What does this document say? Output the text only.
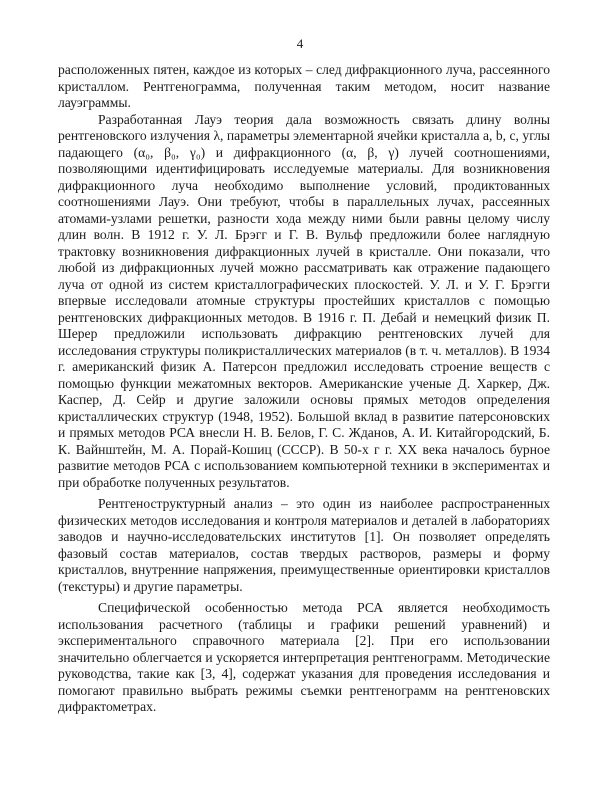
4

расположенных пятен, каждое из которых – след дифракционного луча, рассеянного кристаллом. Рентгенограмма, полученная таким методом, носит название лауэграммы.

Разработанная Лауэ теория дала возможность связать длину волны рентгеновского излучения λ, параметры элементарной ячейки кристалла a, b, c, углы падающего (α₀, β₀, γ₀) и дифракционного (α, β, γ) лучей соотношениями, позволяющими идентифицировать исследуемые материалы. Для возникновения дифракционного луча необходимо выполнение условий, продиктованных соотношениями Лауэ. Они требуют, чтобы в параллельных лучах, рассеянных атомами-узлами решетки, разности хода между ними были равны целому числу длин волн. В 1912 г. У. Л. Брэгг и Г. В. Вульф предложили более наглядную трактовку возникновения дифракционных лучей в кристалле. Они показали, что любой из дифракционных лучей можно рассматривать как отражение падающего луча от одной из систем кристаллографических плоскостей. У. Л. и У. Г. Брэгги впервые исследовали атомные структуры простейших кристаллов с помощью рентгеновских дифракционных методов. В 1916 г. П. Дебай и немецкий физик П. Шерер предложили использовать дифракцию рентгеновских лучей для исследования структуры поликристаллических материалов (в т. ч. металлов). В 1934 г. американский физик А. Патерсон предложил исследовать строение веществ с помощью функции межатомных векторов. Американские ученые Д. Харкер, Дж. Каспер, Д. Сейр и другие заложили основы прямых методов определения кристаллических структур (1948, 1952). Большой вклад в развитие патерсоновских и прямых методов РСА внесли Н. В. Белов, Г. С. Жданов, А. И. Китайгородский, Б. К. Вайнштейн, М. А. Порай-Кошиц (СССР). В 50-х г г. XX века началось бурное развитие методов РСА с использованием компьютерной техники в экспериментах и при обработке полученных результатов.

Рентгеноструктурный анализ – это один из наиболее распространенных физических методов исследования и контроля материалов и деталей в лабораториях заводов и научно-исследовательских институтов [1]. Он позволяет определять фазовый состав материалов, состав твердых растворов, размеры и форму кристаллов, внутренние напряжения, преимущественные ориентировки кристаллов (текстуры) и другие параметры.

Специфической особенностью метода РСА является необходимость использования расчетного (таблицы и графики решений уравнений) и экспериментального справочного материала [2]. При его использовании значительно облегчается и ускоряется интерпретация рентгенограмм. Методические руководства, такие как [3, 4], содержат указания для проведения исследования и помогают правильно выбрать режимы съемки рентгенограмм на рентгеновских дифрактометрах.
